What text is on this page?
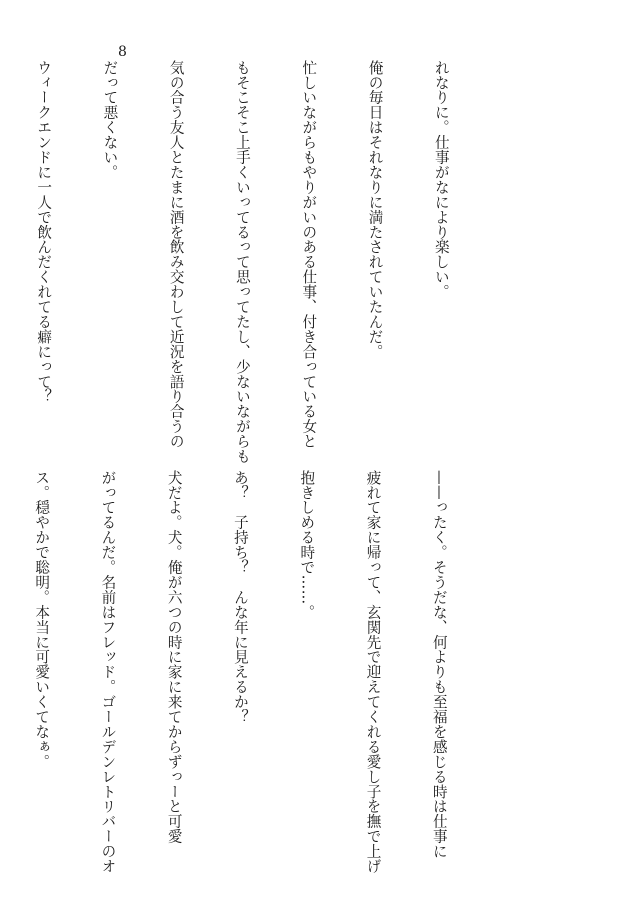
8

れなりに。仕事がなにより楽しい。

俺の毎日はそれなりに満たされていたんだ。

忙しいながらもやりがいのある仕事、付き合っている女と

もそこそこ上手くいってるって思ってたし、少ないながらも

気の合う友人とたまに酒を飲み交わして近況を語り合うの

だって悪くない。

ウィークエンドに一人で飲んだくれてる癖にって？

——ったく。そうだな、何よりも至福を感じる時は仕事に

疲れて家に帰って、玄関先で迎えてくれる愛し子を撫で上げ

抱きしめる時で……。

あ？　子持ち？　んな年に見えるか？

犬だよ。犬。俺が六つの時に家に来てからずっーと可愛

がってるんだ。名前はフレッド。ゴールデンレトリバーのオ

ス。穏やかで聡明。本当に可愛いくてなぁ。
